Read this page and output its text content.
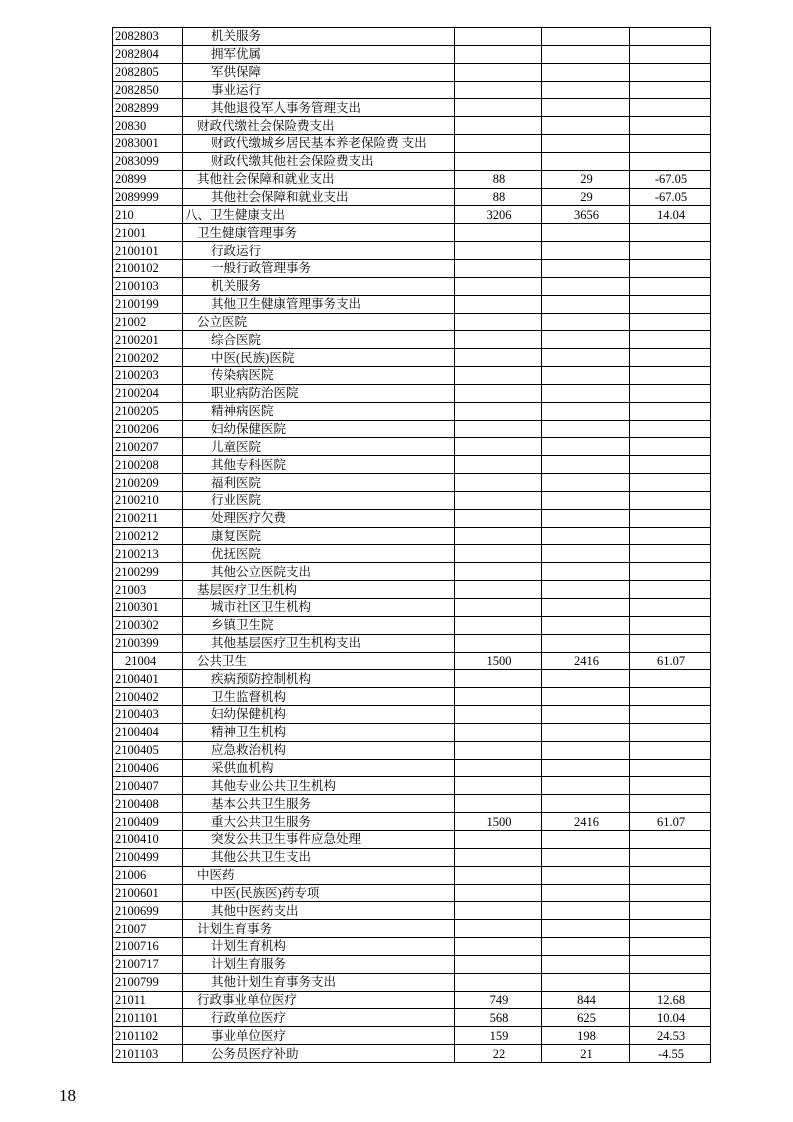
2082803	机关服务			
2082804	拥军优属			
2082805	军供保障			
2082850	事业运行			
2082899	其他退役军人事务管理支出			
20830	财政代缴社会保险费支出			
2083001	财政代缴城乡居民基本养老保险费 支出			
2083099	财政代缴其他社会保险费支出			
20899	其他社会保障和就业支出	88	29	-67.05
2089999	其他社会保障和就业支出	88	29	-67.05
210	八、卫生健康支出	3206	3656	14.04
21001	卫生健康管理事务			
2100101	行政运行			
2100102	一般行政管理事务			
2100103	机关服务			
2100199	其他卫生健康管理事务支出			
21002	公立医院			
2100201	综合医院			
2100202	中医(民族)医院			
2100203	传染病医院			
2100204	职业病防治医院			
2100205	精神病医院			
2100206	妇幼保健医院			
2100207	儿童医院			
2100208	其他专科医院			
2100209	福利医院			
2100210	行业医院			
2100211	处理医疗欠费			
2100212	康复医院			
2100213	优抚医院			
2100299	其他公立医院支出			
21003	基层医疗卫生机构			
2100301	城市社区卫生机构			
2100302	乡镇卫生院			
2100399	其他基层医疗卫生机构支出			
21004	公共卫生	1500	2416	61.07
2100401	疾病预防控制机构			
2100402	卫生监督机构			
2100403	妇幼保健机构			
2100404	精神卫生机构			
2100405	应急救治机构			
2100406	采供血机构			
2100407	其他专业公共卫生机构			
2100408	基本公共卫生服务			
2100409	重大公共卫生服务	1500	2416	61.07
2100410	突发公共卫生事件应急处理			
2100499	其他公共卫生支出			
21006	中医药			
2100601	中医(民族医)药专项			
2100699	其他中医药支出			
21007	计划生育事务			
2100716	计划生育机构			
2100717	计划生育服务			
2100799	其他计划生育事务支出			
21011	行政事业单位医疗	749	844	12.68
2101101	行政单位医疗	568	625	10.04
2101102	事业单位医疗	159	198	24.53
2101103	公务员医疗补助	22	21	-4.55
18
